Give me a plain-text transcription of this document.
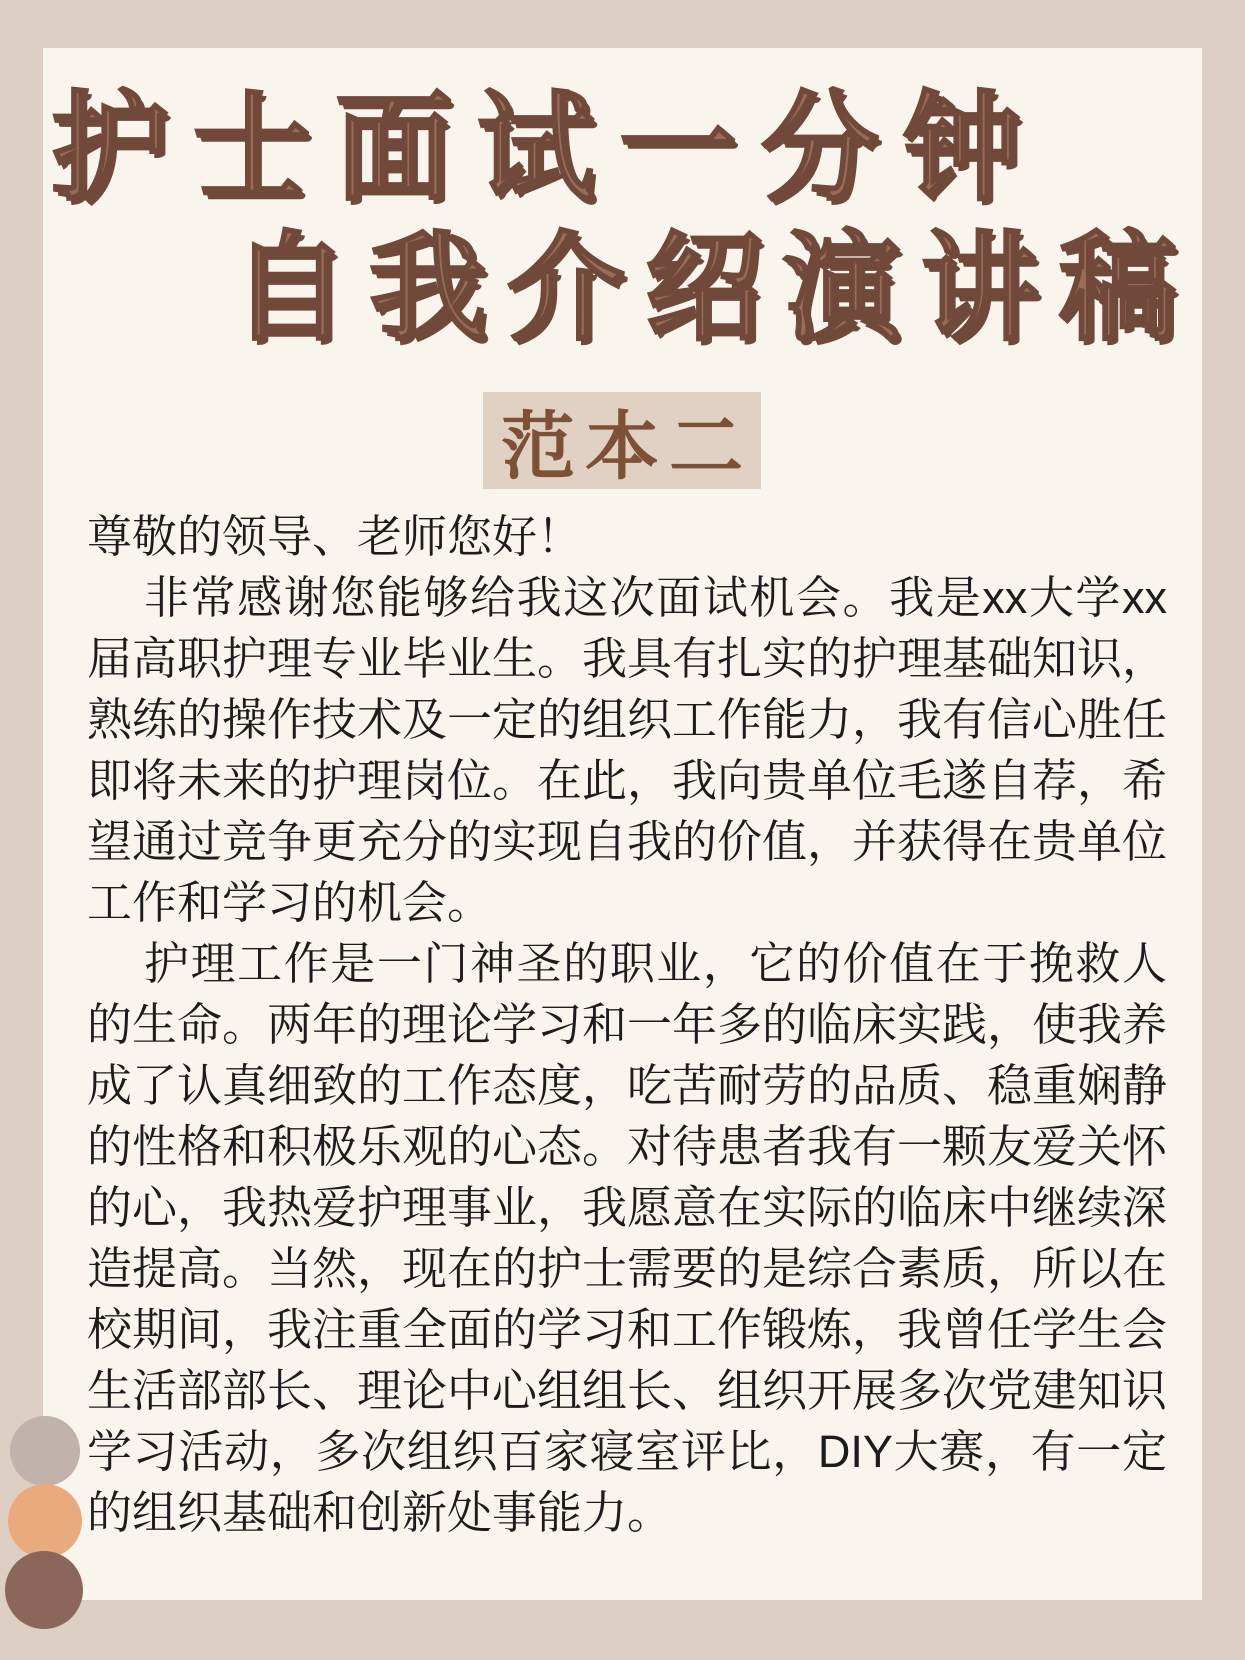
护士面试一分钟
自我介绍演讲稿
范本二

尊敬的领导、老师您好！

非常感谢您能够给我这次面试机会。我是xx大学xx届高职护理专业毕业生。我具有扎实的护理基础知识，熟练的操作技术及一定的组织工作能力，我有信心胜任即将未来的护理岗位。在此，我向贵单位毛遂自荐，希望通过竞争更充分的实现自我的价值，并获得在贵单位工作和学习的机会。

护理工作是一门神圣的职业，它的价值在于挽救人的生命。两年的理论学习和一年多的临床实践，使我养成了认真细致的工作态度，吃苦耐劳的品质、稳重娴静的性格和积极乐观的心态。对待患者我有一颗友爱关怀的心，我热爱护理事业，我愿意在实际的临床中继续深造提高。当然，现在的护士需要的是综合素质，所以在校期间，我注重全面的学习和工作锻炼，我曾任学生会生活部部长、理论中心组组长、组织开展多次党建知识学习活动，多次组织百家寝室评比，DIY大赛，有一定的组织基础和创新处事能力。
